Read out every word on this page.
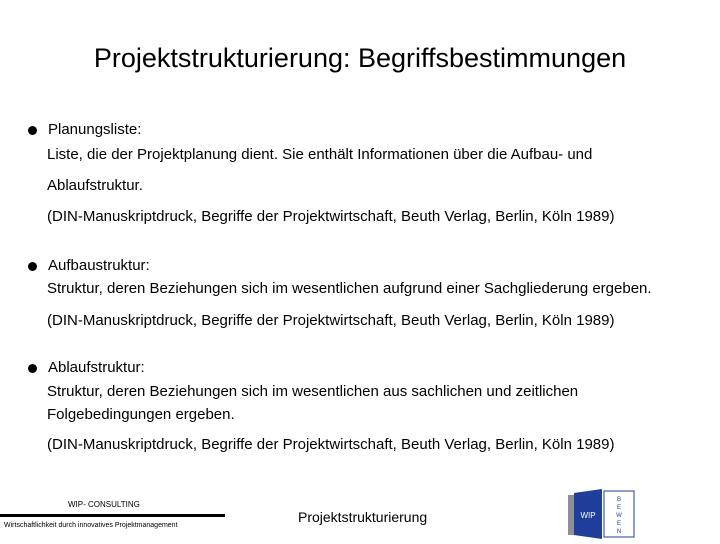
Projektstrukturierung: Begriffsbestimmungen
Planungsliste:
Liste, die der Projektplanung dient. Sie enthält Informationen über die Aufbau- und
Ablaufstruktur.
(DIN-Manuskriptdruck, Begriffe der Projektwirtschaft, Beuth Verlag, Berlin, Köln 1989)
Aufbaustruktur:
Struktur, deren Beziehungen sich im wesentlichen aufgrund einer Sachgliederung ergeben.
(DIN-Manuskriptdruck, Begriffe der Projektwirtschaft, Beuth Verlag, Berlin, Köln 1989)
Ablaufstruktur:
Struktur, deren Beziehungen sich im wesentlichen aus sachlichen und zeitlichen
Folgebedingungen ergeben.
(DIN-Manuskriptdruck, Begriffe der Projektwirtschaft, Beuth Verlag, Berlin, Köln 1989)
WIP- CONSULTING
Wirtschaftlichkeit durch innovatives Projektmanagement
Projektstrukturierung	WIP
B
E
W
E
N
